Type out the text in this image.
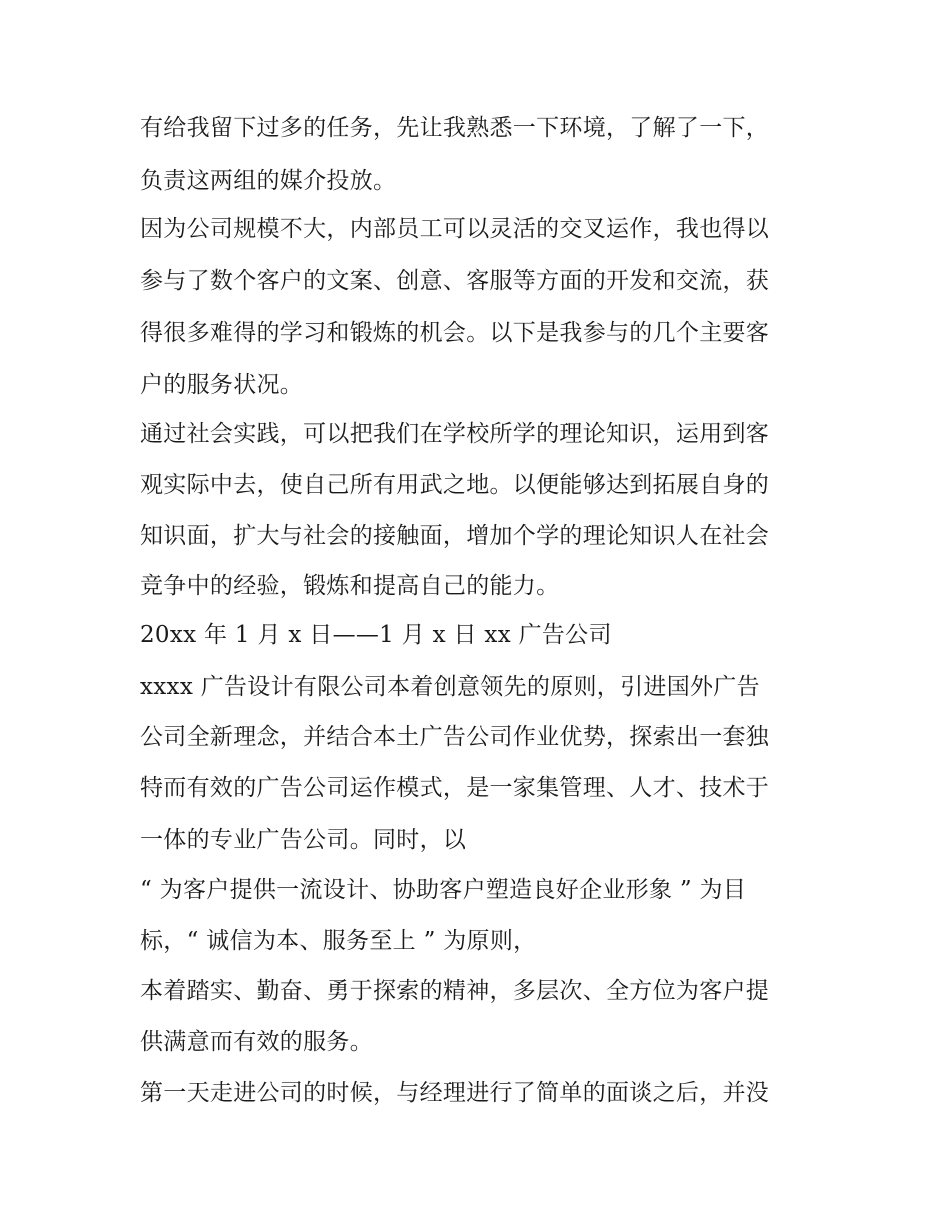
有给我留下过多的任务，先让我熟悉一下环境，了解了一下，
负责这两组的媒介投放。
因为公司规模不大，内部员工可以灵活的交叉运作，我也得以
参与了数个客户的文案、创意、客服等方面的开发和交流，获
得很多难得的学习和锻炼的机会。以下是我参与的几个主要客
户的服务状况。
通过社会实践，可以把我们在学校所学的理论知识，运用到客
观实际中去，使自己所有用武之地。以便能够达到拓展自身的
知识面，扩大与社会的接触面，增加个学的理论知识人在社会
竞争中的经验，锻炼和提高自己的能力。
20xx 年 1 月 x 日——1 月 x 日 xx 广告公司
xxxx 广告设计有限公司本着创意领先的原则，引进国外广告
公司全新理念，并结合本土广告公司作业优势，探索出一套独
特而有效的广告公司运作模式，是一家集管理、人才、技术于
一体的专业广告公司。同时，以
“ 为客户提供一流设计、协助客户塑造良好企业形象 ” 为目
标，“ 诚信为本、服务至上 ” 为原则，
本着踏实、勤奋、勇于探索的精神，多层次、全方位为客户提
供满意而有效的服务。
第一天走进公司的时候，与经理进行了简单的面谈之后，并没
